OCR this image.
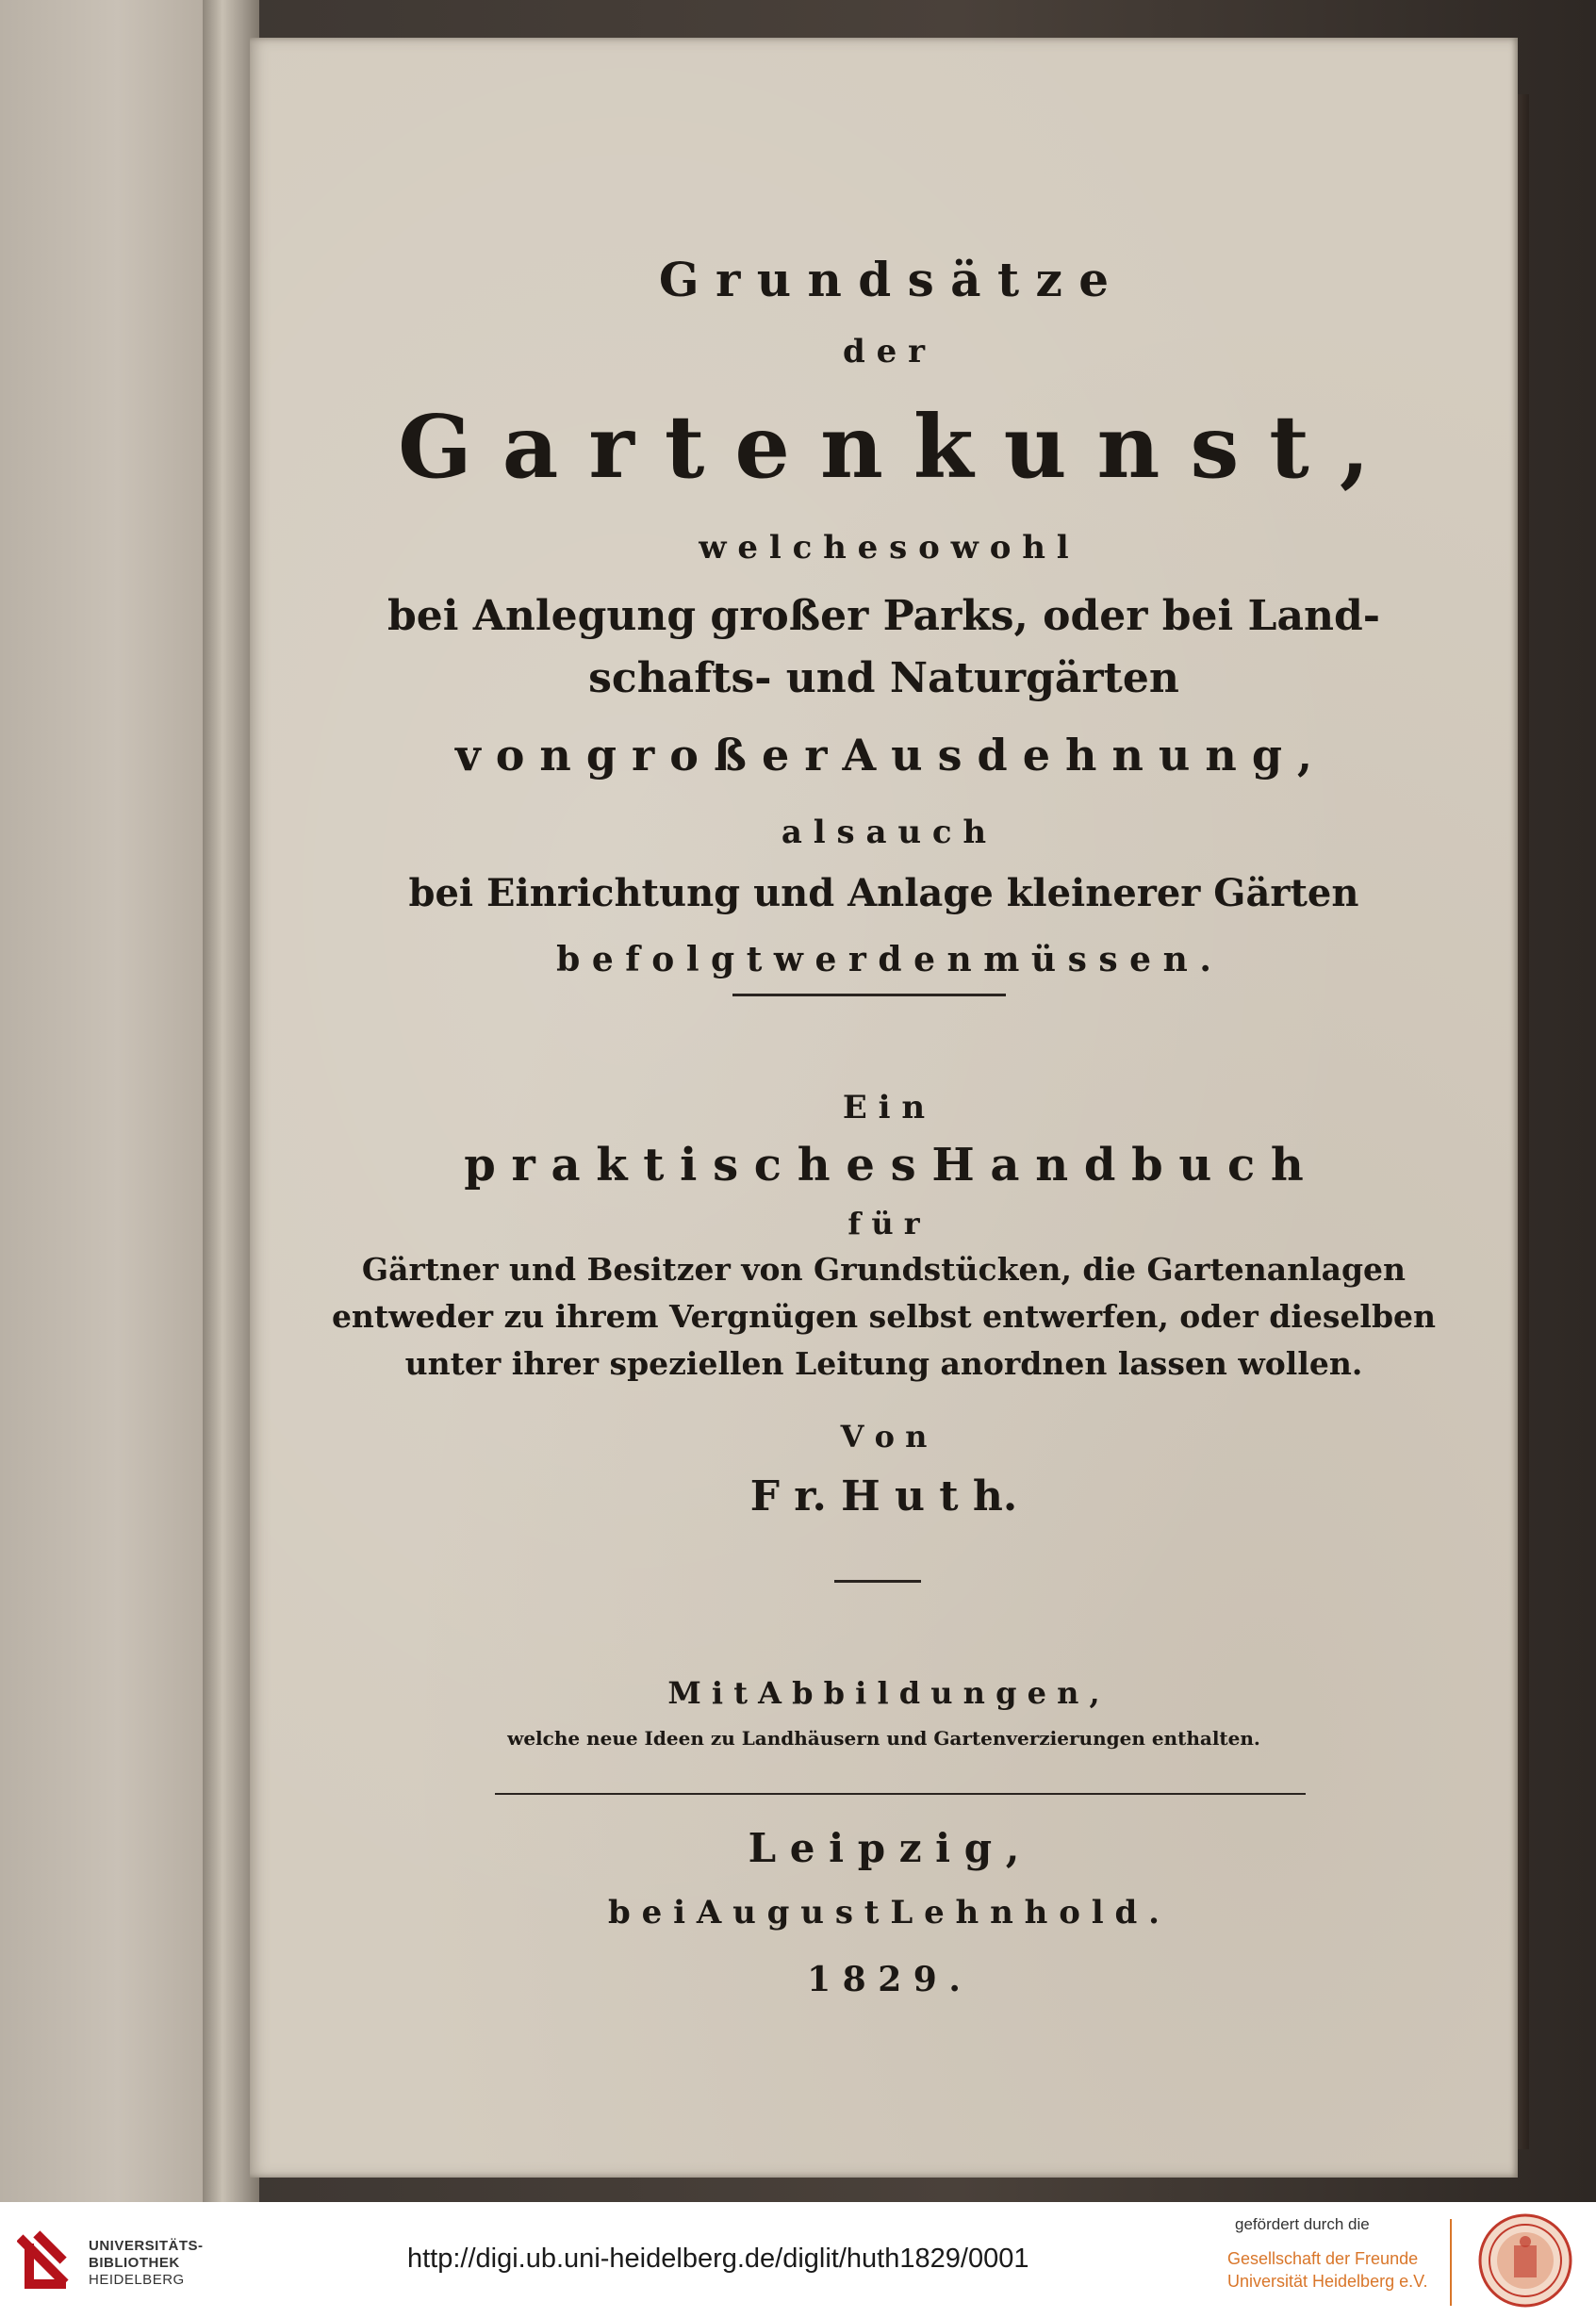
G r u n d s ä t z e
d e r
G a r t e n k u n s t ,
w e l c h e s o w o h l
bei Anlegung großer Parks, oder bei Land-
schafts- und Naturgärten
v o n g r o ß e r A u s d e h n u n g ,
a l s a u c h
bei Einrichtung und Anlage kleinerer Gärten
b e f o l g t w e r d e n m ü s s e n .
E i n
p r a k t i s c h e s H a n d b u c h
f ü r
Gärtner und Besitzer von Grundstücken, die Gartenanlagen
entweder zu ihrem Vergnügen selbst entwerfen, oder dieselben
unter ihrer speziellen Leitung anordnen lassen wollen.
V o n
F r. H u t h.
M i t A b b i l d u n g e n ,
welche neue Ideen zu Landhäusern und Gartenverzierungen enthalten.
L e i p z i g ,
b e i A u g u s t L e h n h o l d .
1 8 2 9 .
UNIVERSITÄTS-
BIBLIOTHEK
HEIDELBERG
http://digi.ub.uni-heidelberg.de/diglit/huth1829/0001
gefördert durch die
Gesellschaft der Freunde
Universität Heidelberg e.V.
